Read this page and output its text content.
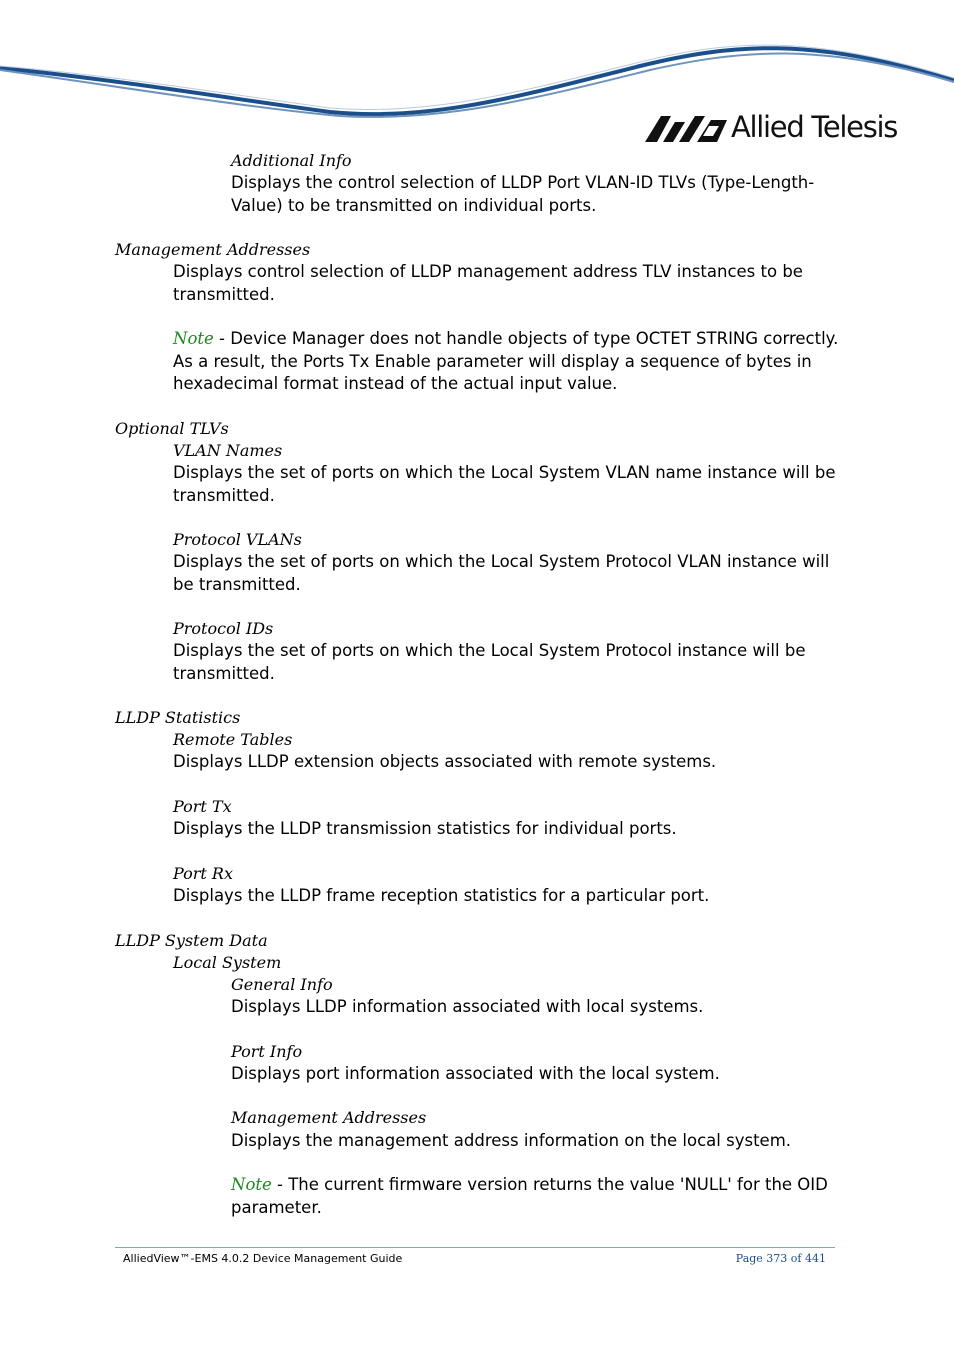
Allied Telesis
Additional Info
Displays the control selection of LLDP Port VLAN-ID TLVs (Type-Length-Value) to be transmitted on individual ports.
Management Addresses
Displays control selection of LLDP management address TLV instances to be transmitted.
Note - Device Manager does not handle objects of type OCTET STRING correctly. As a result, the Ports Tx Enable parameter will display a sequence of bytes in hexadecimal format instead of the actual input value.
Optional TLVs
VLAN Names
Displays the set of ports on which the Local System VLAN name instance will be transmitted.
Protocol VLANs
Displays the set of ports on which the Local System Protocol VLAN instance will be transmitted.
Protocol IDs
Displays the set of ports on which the Local System Protocol instance will be transmitted.
LLDP Statistics
Remote Tables
Displays LLDP extension objects associated with remote systems.
Port Tx
Displays the LLDP transmission statistics for individual ports.
Port Rx
Displays the LLDP frame reception statistics for a particular port.
LLDP System Data
Local System
General Info
Displays LLDP information associated with local systems.
Port Info
Displays port information associated with the local system.
Management Addresses
Displays the management address information on the local system.
Note - The current firmware version returns the value 'NULL' for the OID parameter.
AlliedView™-EMS 4.0.2 Device Management Guide	Page 373 of 441
